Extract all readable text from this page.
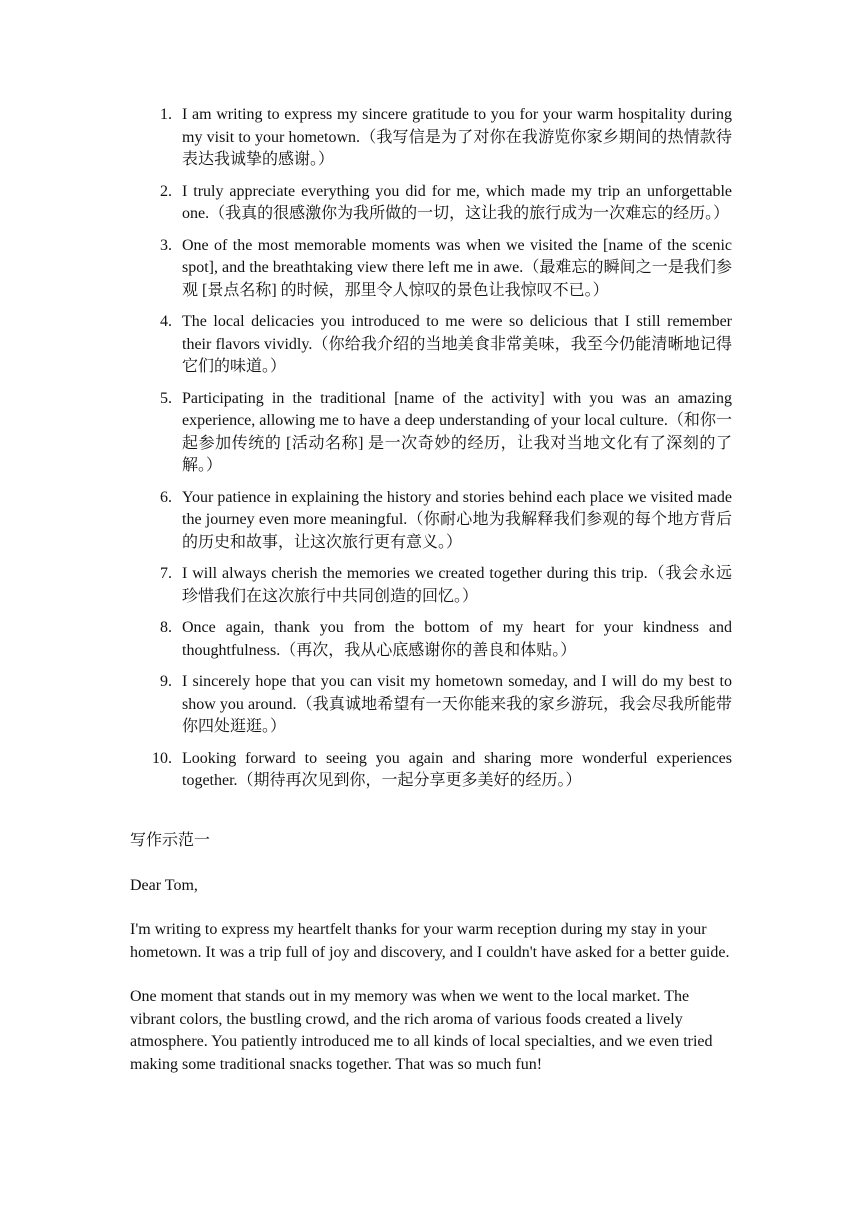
1. I am writing to express my sincere gratitude to you for your warm hospitality during my visit to your hometown.（我写信是为了对你在我游览你家乡期间的热情款待表达我诚挚的感谢。）
2. I truly appreciate everything you did for me, which made my trip an unforgettable one.（我真的很感激你为我所做的一切，这让我的旅行成为一次难忘的经历。）
3. One of the most memorable moments was when we visited the [name of the scenic spot], and the breathtaking view there left me in awe.（最难忘的瞬间之一是我们参观 [景点名称] 的时候，那里令人惊叹的景色让我惊叹不已。）
4. The local delicacies you introduced to me were so delicious that I still remember their flavors vividly.（你给我介绍的当地美食非常美味，我至今仍能清晰地记得它们的味道。）
5. Participating in the traditional [name of the activity] with you was an amazing experience, allowing me to have a deep understanding of your local culture.（和你一起参加传统的 [活动名称] 是一次奇妙的经历，让我对当地文化有了深刻的了解。）
6. Your patience in explaining the history and stories behind each place we visited made the journey even more meaningful.（你耐心地为我解释我们参观的每个地方背后的历史和故事，让这次旅行更有意义。）
7. I will always cherish the memories we created together during this trip.（我会永远珍惜我们在这次旅行中共同创造的回忆。）
8. Once again, thank you from the bottom of my heart for your kindness and thoughtfulness.（再次，我从心底感谢你的善良和体贴。）
9. I sincerely hope that you can visit my hometown someday, and I will do my best to show you around.（我真诚地希望有一天你能来我的家乡游玩，我会尽我所能带你四处逛逛。）
10. Looking forward to seeing you again and sharing more wonderful experiences together.（期待再次见到你，一起分享更多美好的经历。）

写作示范一

Dear Tom,

I'm writing to express my heartfelt thanks for your warm reception during my stay in your hometown. It was a trip full of joy and discovery, and I couldn't have asked for a better guide.

One moment that stands out in my memory was when we went to the local market. The vibrant colors, the bustling crowd, and the rich aroma of various foods created a lively atmosphere. You patiently introduced me to all kinds of local specialties, and we even tried making some traditional snacks together. That was so much fun!
